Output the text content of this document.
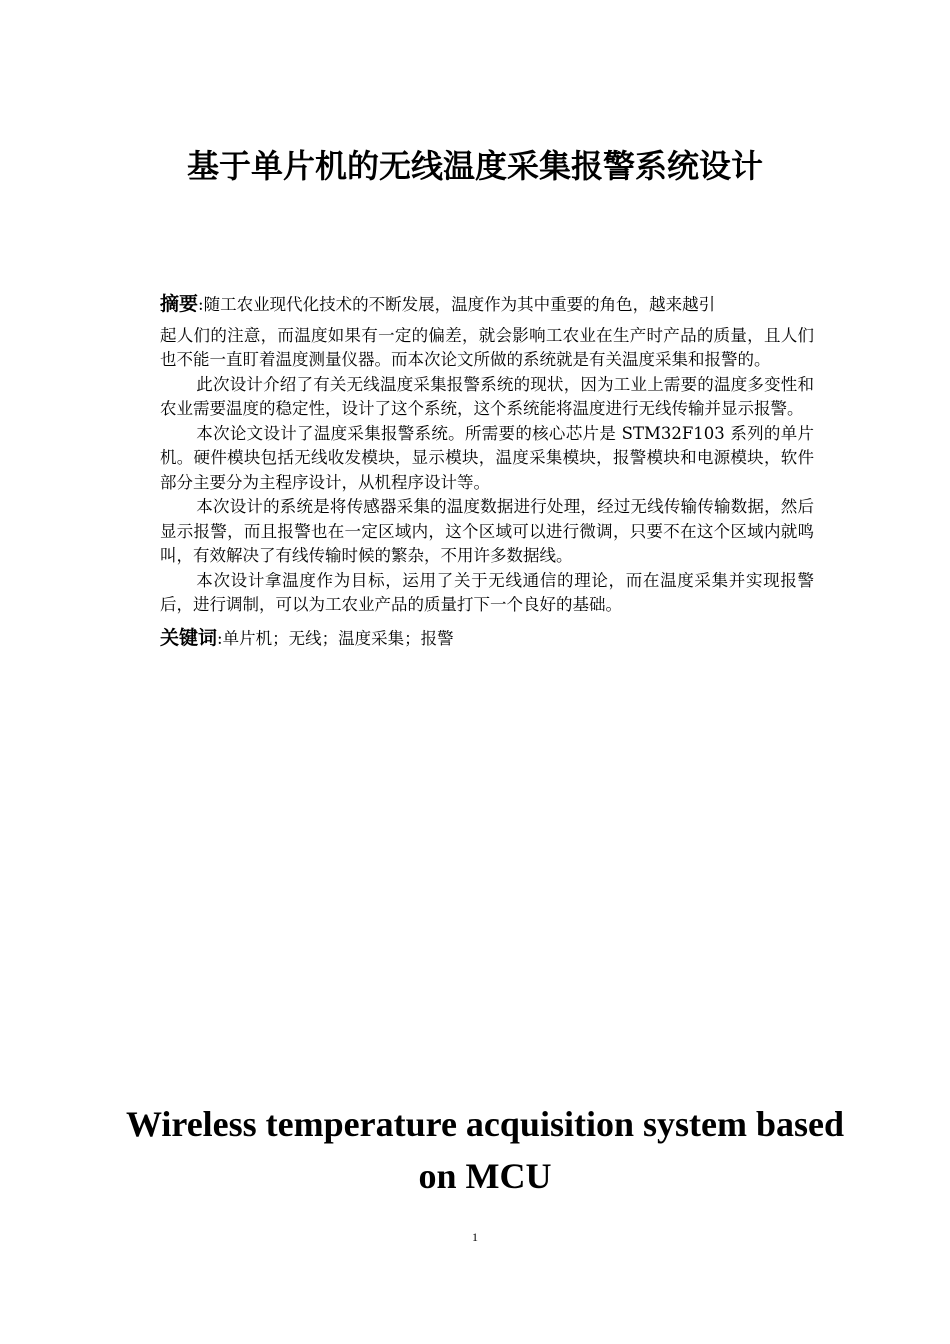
基于单片机的无线温度采集报警系统设计

摘要:随工农业现代化技术的不断发展，温度作为其中重要的角色，越来越引
起人们的注意，而温度如果有一定的偏差，就会影响工农业在生产时产品的质量，且人们也不能一直盯着温度测量仪器。而本次论文所做的系统就是有关温度采集和报警的。

此次设计介绍了有关无线温度采集报警系统的现状，因为工业上需要的温度多变性和农业需要温度的稳定性，设计了这个系统，这个系统能将温度进行无线传输并显示报警。

本次论文设计了温度采集报警系统。所需要的核心芯片是 STM32F103 系列的单片机。硬件模块包括无线收发模块，显示模块，温度采集模块，报警模块和电源模块，软件部分主要分为主程序设计，从机程序设计等。

本次设计的系统是将传感器采集的温度数据进行处理，经过无线传输传输数据，然后显示报警，而且报警也在一定区域内，这个区域可以进行微调，只要不在这个区域内就鸣叫，有效解决了有线传输时候的繁杂，不用许多数据线。

本次设计拿温度作为目标，运用了关于无线通信的理论，而在温度采集并实现报警后，进行调制，可以为工农业产品的质量打下一个良好的基础。

关键词:单片机；无线；温度采集；报警

Wireless temperature acquisition system based on MCU
1
